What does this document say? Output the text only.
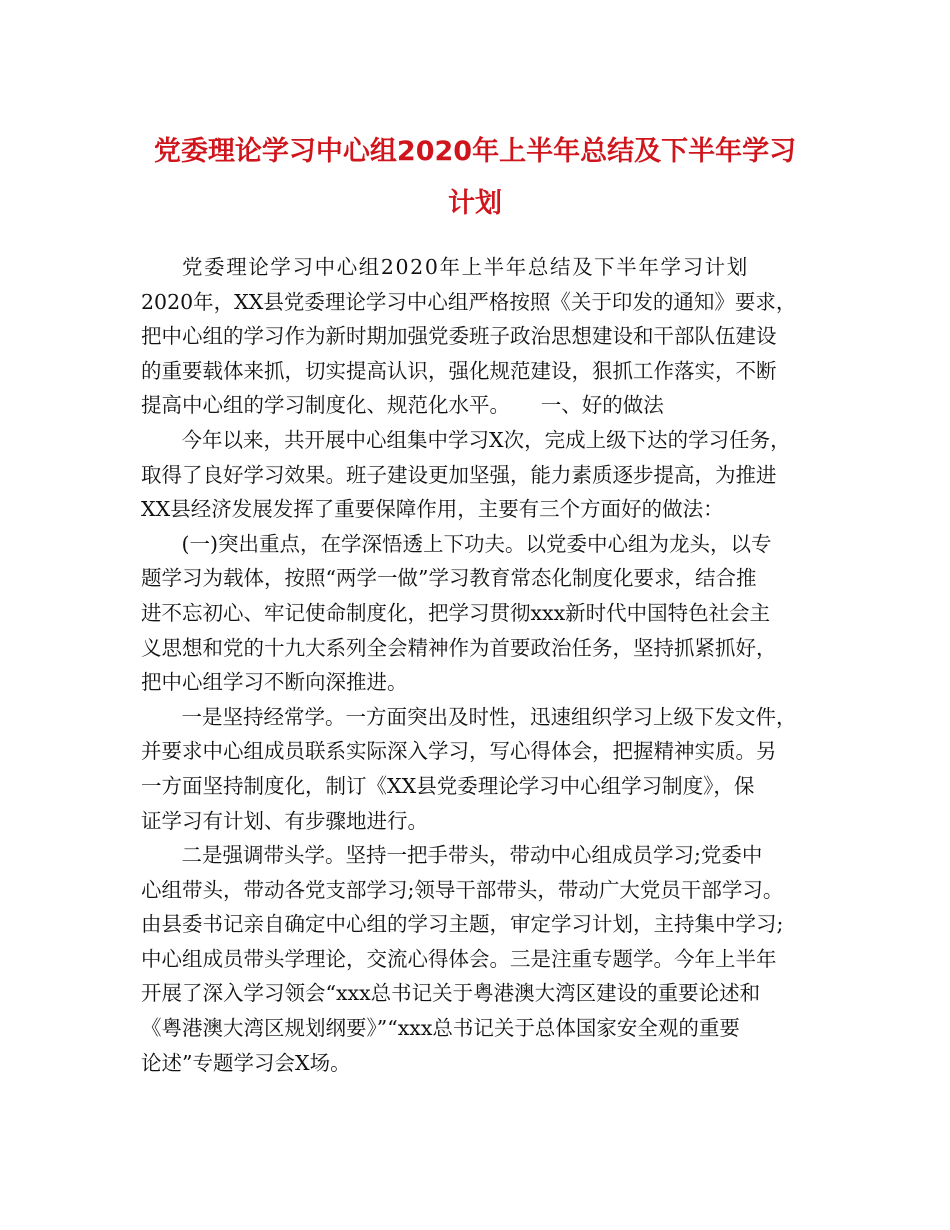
党委理论学习中心组2020年上半年总结及下半年学习
计划
党委理论学习中心组2020年上半年总结及下半年学习计划
2020年，XX县党委理论学习中心组严格按照《关于印发的通知》要求，
把中心组的学习作为新时期加强党委班子政治思想建设和干部队伍建设
的重要载体来抓，切实提高认识，强化规范建设，狠抓工作落实，不断
提高中心组的学习制度化、规范化水平。　　一、好的做法
　今年以来，共开展中心组集中学习X次，完成上级下达的学习任务，
取得了良好学习效果。班子建设更加坚强，能力素质逐步提高，为推进
XX县经济发展发挥了重要保障作用，主要有三个方面好的做法：
　(一)突出重点，在学深悟透上下功夫。以党委中心组为龙头，以专
题学习为载体，按照“两学一做”学习教育常态化制度化要求，结合推
进不忘初心、牢记使命制度化，把学习贯彻xxx新时代中国特色社会主
义思想和党的十九大系列全会精神作为首要政治任务，坚持抓紧抓好，
把中心组学习不断向深推进。
　一是坚持经常学。一方面突出及时性，迅速组织学习上级下发文件，
并要求中心组成员联系实际深入学习，写心得体会，把握精神实质。另
一方面坚持制度化，制订《XX县党委理论学习中心组学习制度》，保
证学习有计划、有步骤地进行。
　二是强调带头学。坚持一把手带头，带动中心组成员学习;党委中
心组带头，带动各党支部学习;领导干部带头，带动广大党员干部学习。
由县委书记亲自确定中心组的学习主题，审定学习计划，主持集中学习;
中心组成员带头学理论，交流心得体会。三是注重专题学。今年上半年
开展了深入学习领会“xxx总书记关于粤港澳大湾区建设的重要论述和
《粤港澳大湾区规划纲要》”“xxx总书记关于总体国家安全观的重要
论述”专题学习会X场。
